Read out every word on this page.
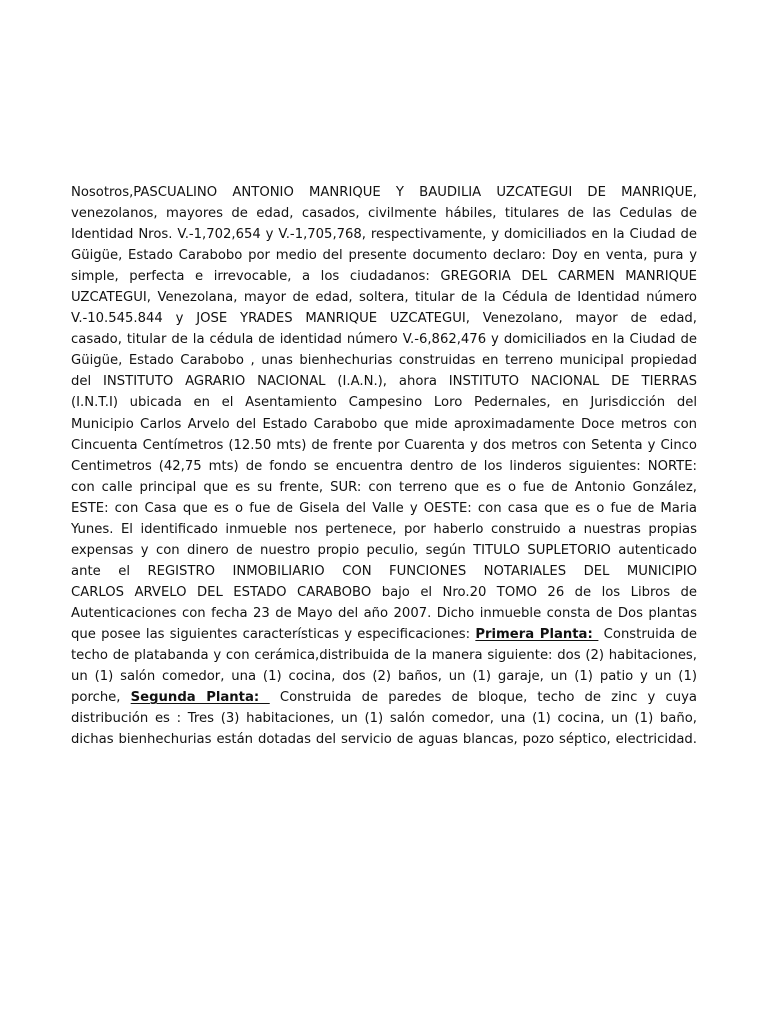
Nosotros,PASCUALINO ANTONIO MANRIQUE Y BAUDILIA UZCATEGUI DE MANRIQUE,
venezolanos, mayores de edad, casados, civilmente hábiles, titulares de las Cedulas de
Identidad Nros. V.-1,702,654 y V.-1,705,768, respectivamente, y domiciliados en la Ciudad de
Güigüe, Estado Carabobo por medio del presente documento declaro: Doy en venta, pura y
simple, perfecta e irrevocable, a los ciudadanos: GREGORIA DEL CARMEN MANRIQUE
UZCATEGUI, Venezolana, mayor de edad, soltera, titular de la Cédula de Identidad número
V.-10.545.844 y JOSE YRADES MANRIQUE UZCATEGUI, Venezolano, mayor de edad,
casado, titular de la cédula de identidad número V.-6,862,476 y domiciliados en la Ciudad de
Güigüe, Estado Carabobo , unas bienhechurias construidas en terreno municipal propiedad
del INSTITUTO AGRARIO NACIONAL (I.A.N.), ahora INSTITUTO NACIONAL DE TIERRAS
(I.N.T.I) ubicada en el Asentamiento Campesino Loro Pedernales, en Jurisdicción del
Municipio Carlos Arvelo del Estado Carabobo que mide aproximadamente Doce metros con
Cincuenta Centímetros (12.50 mts) de frente por Cuarenta y dos metros con Setenta y Cinco
Centimetros (42,75 mts) de fondo se encuentra dentro de los linderos siguientes: NORTE:
con calle principal que es su frente, SUR: con terreno que es o fue de Antonio González,
ESTE: con Casa que es o fue de Gisela del Valle y OESTE: con casa que es o fue de Maria
Yunes. El identificado inmueble nos pertenece, por haberlo construido a nuestras propias
expensas y con dinero de nuestro propio peculio, según TITULO SUPLETORIO autenticado
ante el REGISTRO INMOBILIARIO CON FUNCIONES NOTARIALES DEL MUNICIPIO
CARLOS ARVELO DEL ESTADO CARABOBO bajo el Nro.20 TOMO 26 de los Libros de
Autenticaciones con fecha 23 de Mayo del año 2007. Dicho inmueble consta de Dos plantas
que posee las siguientes características y especificaciones: Primera Planta:  Construida de
techo de platabanda y con cerámica,distribuida de la manera siguiente: dos (2) habitaciones,
un (1) salón comedor, una (1) cocina, dos (2) baños, un (1) garaje, un (1) patio y un (1)
porche, Segunda Planta:  Construida de paredes de bloque, techo de zinc y cuya
distribución es : Tres (3) habitaciones, un (1) salón comedor, una (1) cocina, un (1) baño,
dichas bienhechurias están dotadas del servicio de aguas blancas, pozo séptico, electricidad.
